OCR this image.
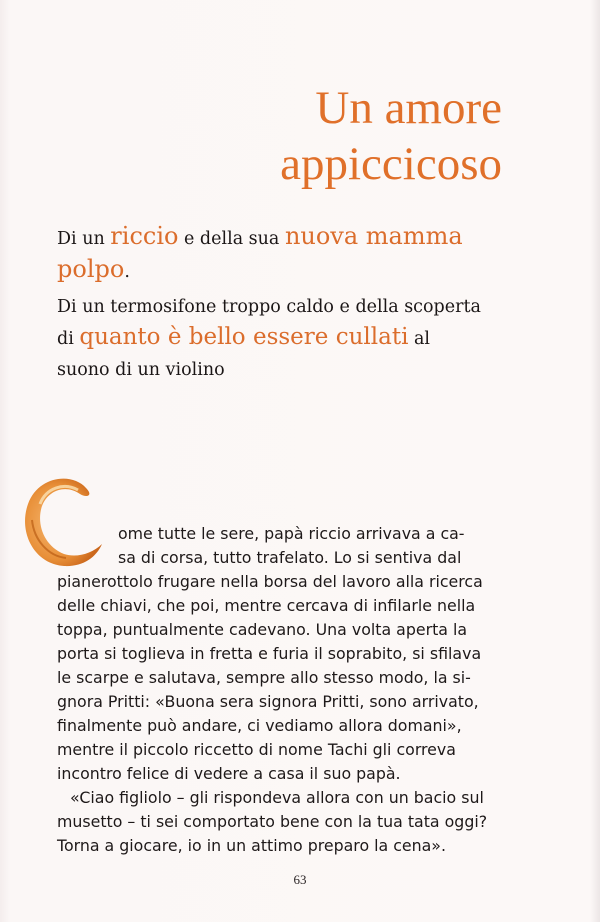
Un amore
appiccicoso
Di un riccio e della sua nuova mamma
polpo.
Di un termosifone troppo caldo e della scoperta
di quanto è bello essere cullati al
suono di un violino
ome tutte le sere, papà riccio arrivava a ca-
sa di corsa, tutto trafelato. Lo si sentiva dal
pianerottolo frugare nella borsa del lavoro alla ricerca
delle chiavi, che poi, mentre cercava di infilarle nella
toppa, puntualmente cadevano. Una volta aperta la
porta si toglieva in fretta e furia il soprabito, si sfilava
le scarpe e salutava, sempre allo stesso modo, la si-
gnora Pritti: «Buona sera signora Pritti, sono arrivato,
finalmente può andare, ci vediamo allora domani»,
mentre il piccolo riccetto di nome Tachi gli correva
incontro felice di vedere a casa il suo papà.
«Ciao figliolo – gli rispondeva allora con un bacio sul
musetto – ti sei comportato bene con la tua tata oggi?
Torna a giocare, io in un attimo preparo la cena».
63
